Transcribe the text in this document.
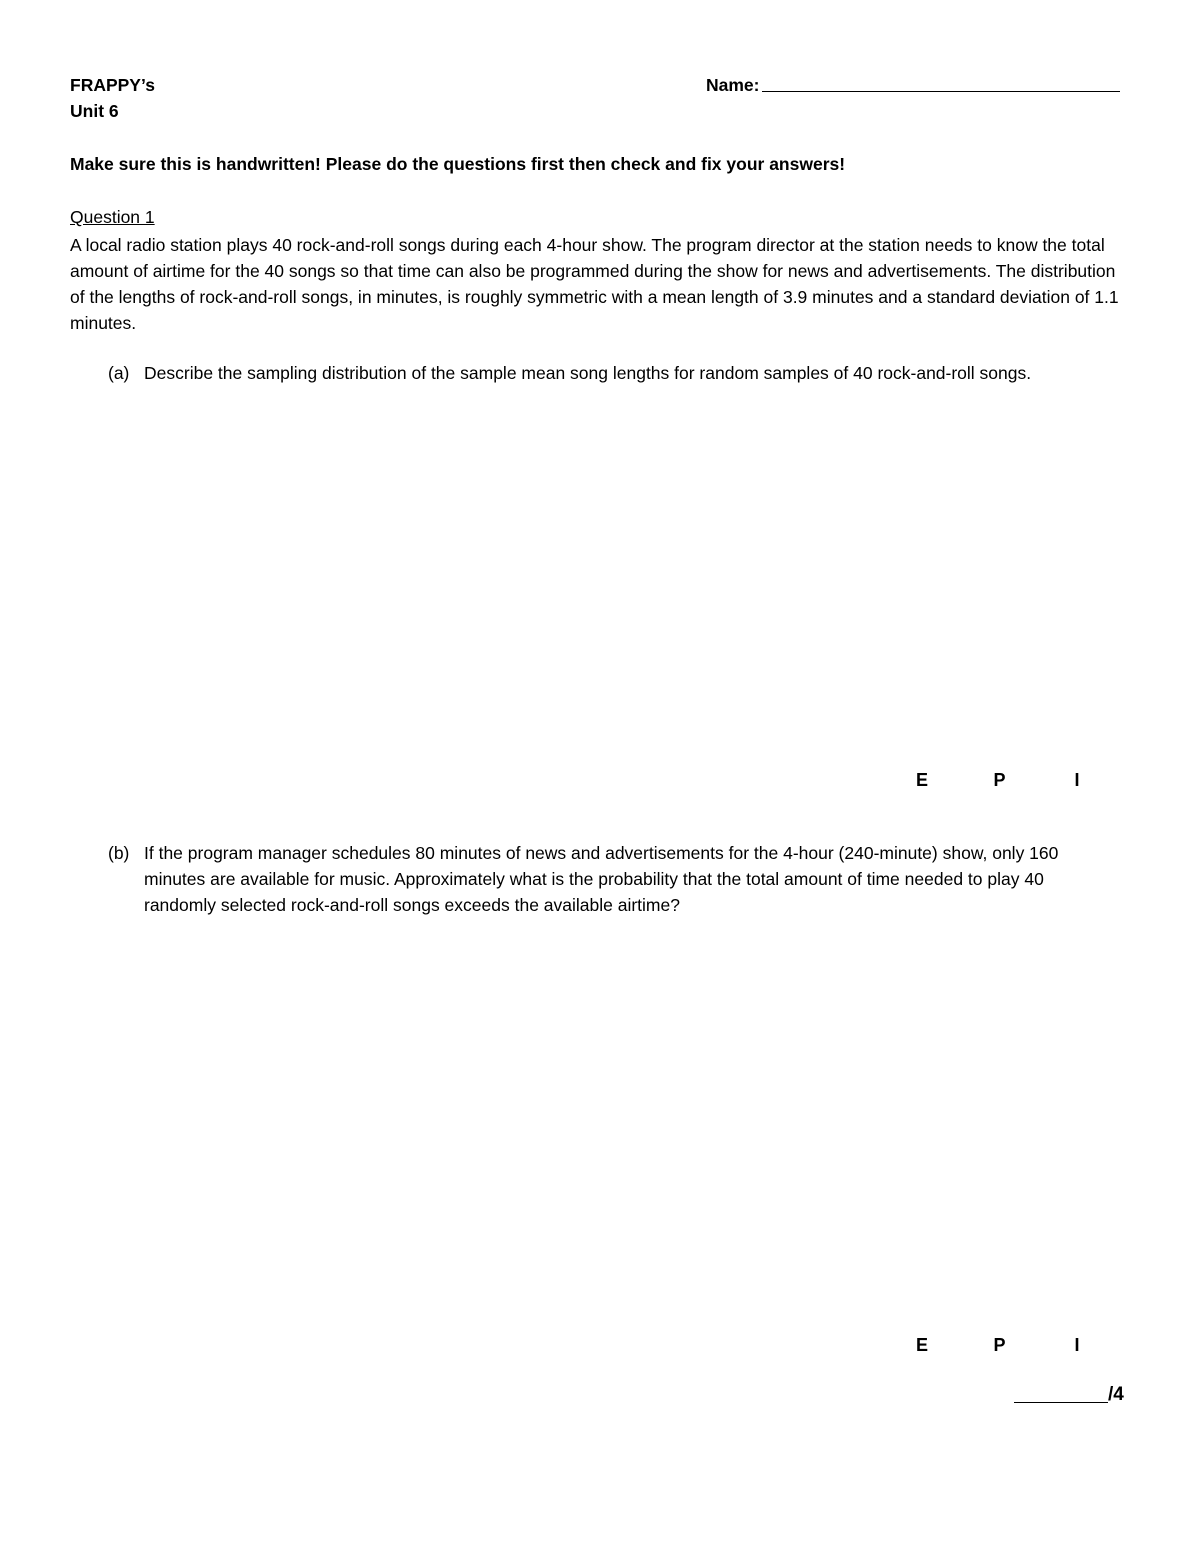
FRAPPY’s
Unit 6
Name:
Make sure this is handwritten! Please do the questions first then check and fix your answers!
Question 1
A local radio station plays 40 rock-and-roll songs during each 4-hour show. The program director at the station needs to know the total amount of airtime for the 40 songs so that time can also be programmed during the show for news and advertisements. The distribution of the lengths of rock-and-roll songs, in minutes, is roughly symmetric with a mean length of 3.9 minutes and a standard deviation of 1.1 minutes.
(a) Describe the sampling distribution of the sample mean song lengths for random samples of 40 rock-and-roll songs.
E	P	I
(b) If the program manager schedules 80 minutes of news and advertisements for the 4-hour (240-minute) show, only 160 minutes are available for music. Approximately what is the probability that the total amount of time needed to play 40 randomly selected rock-and-roll songs exceeds the available airtime?
E	P	I
/4
